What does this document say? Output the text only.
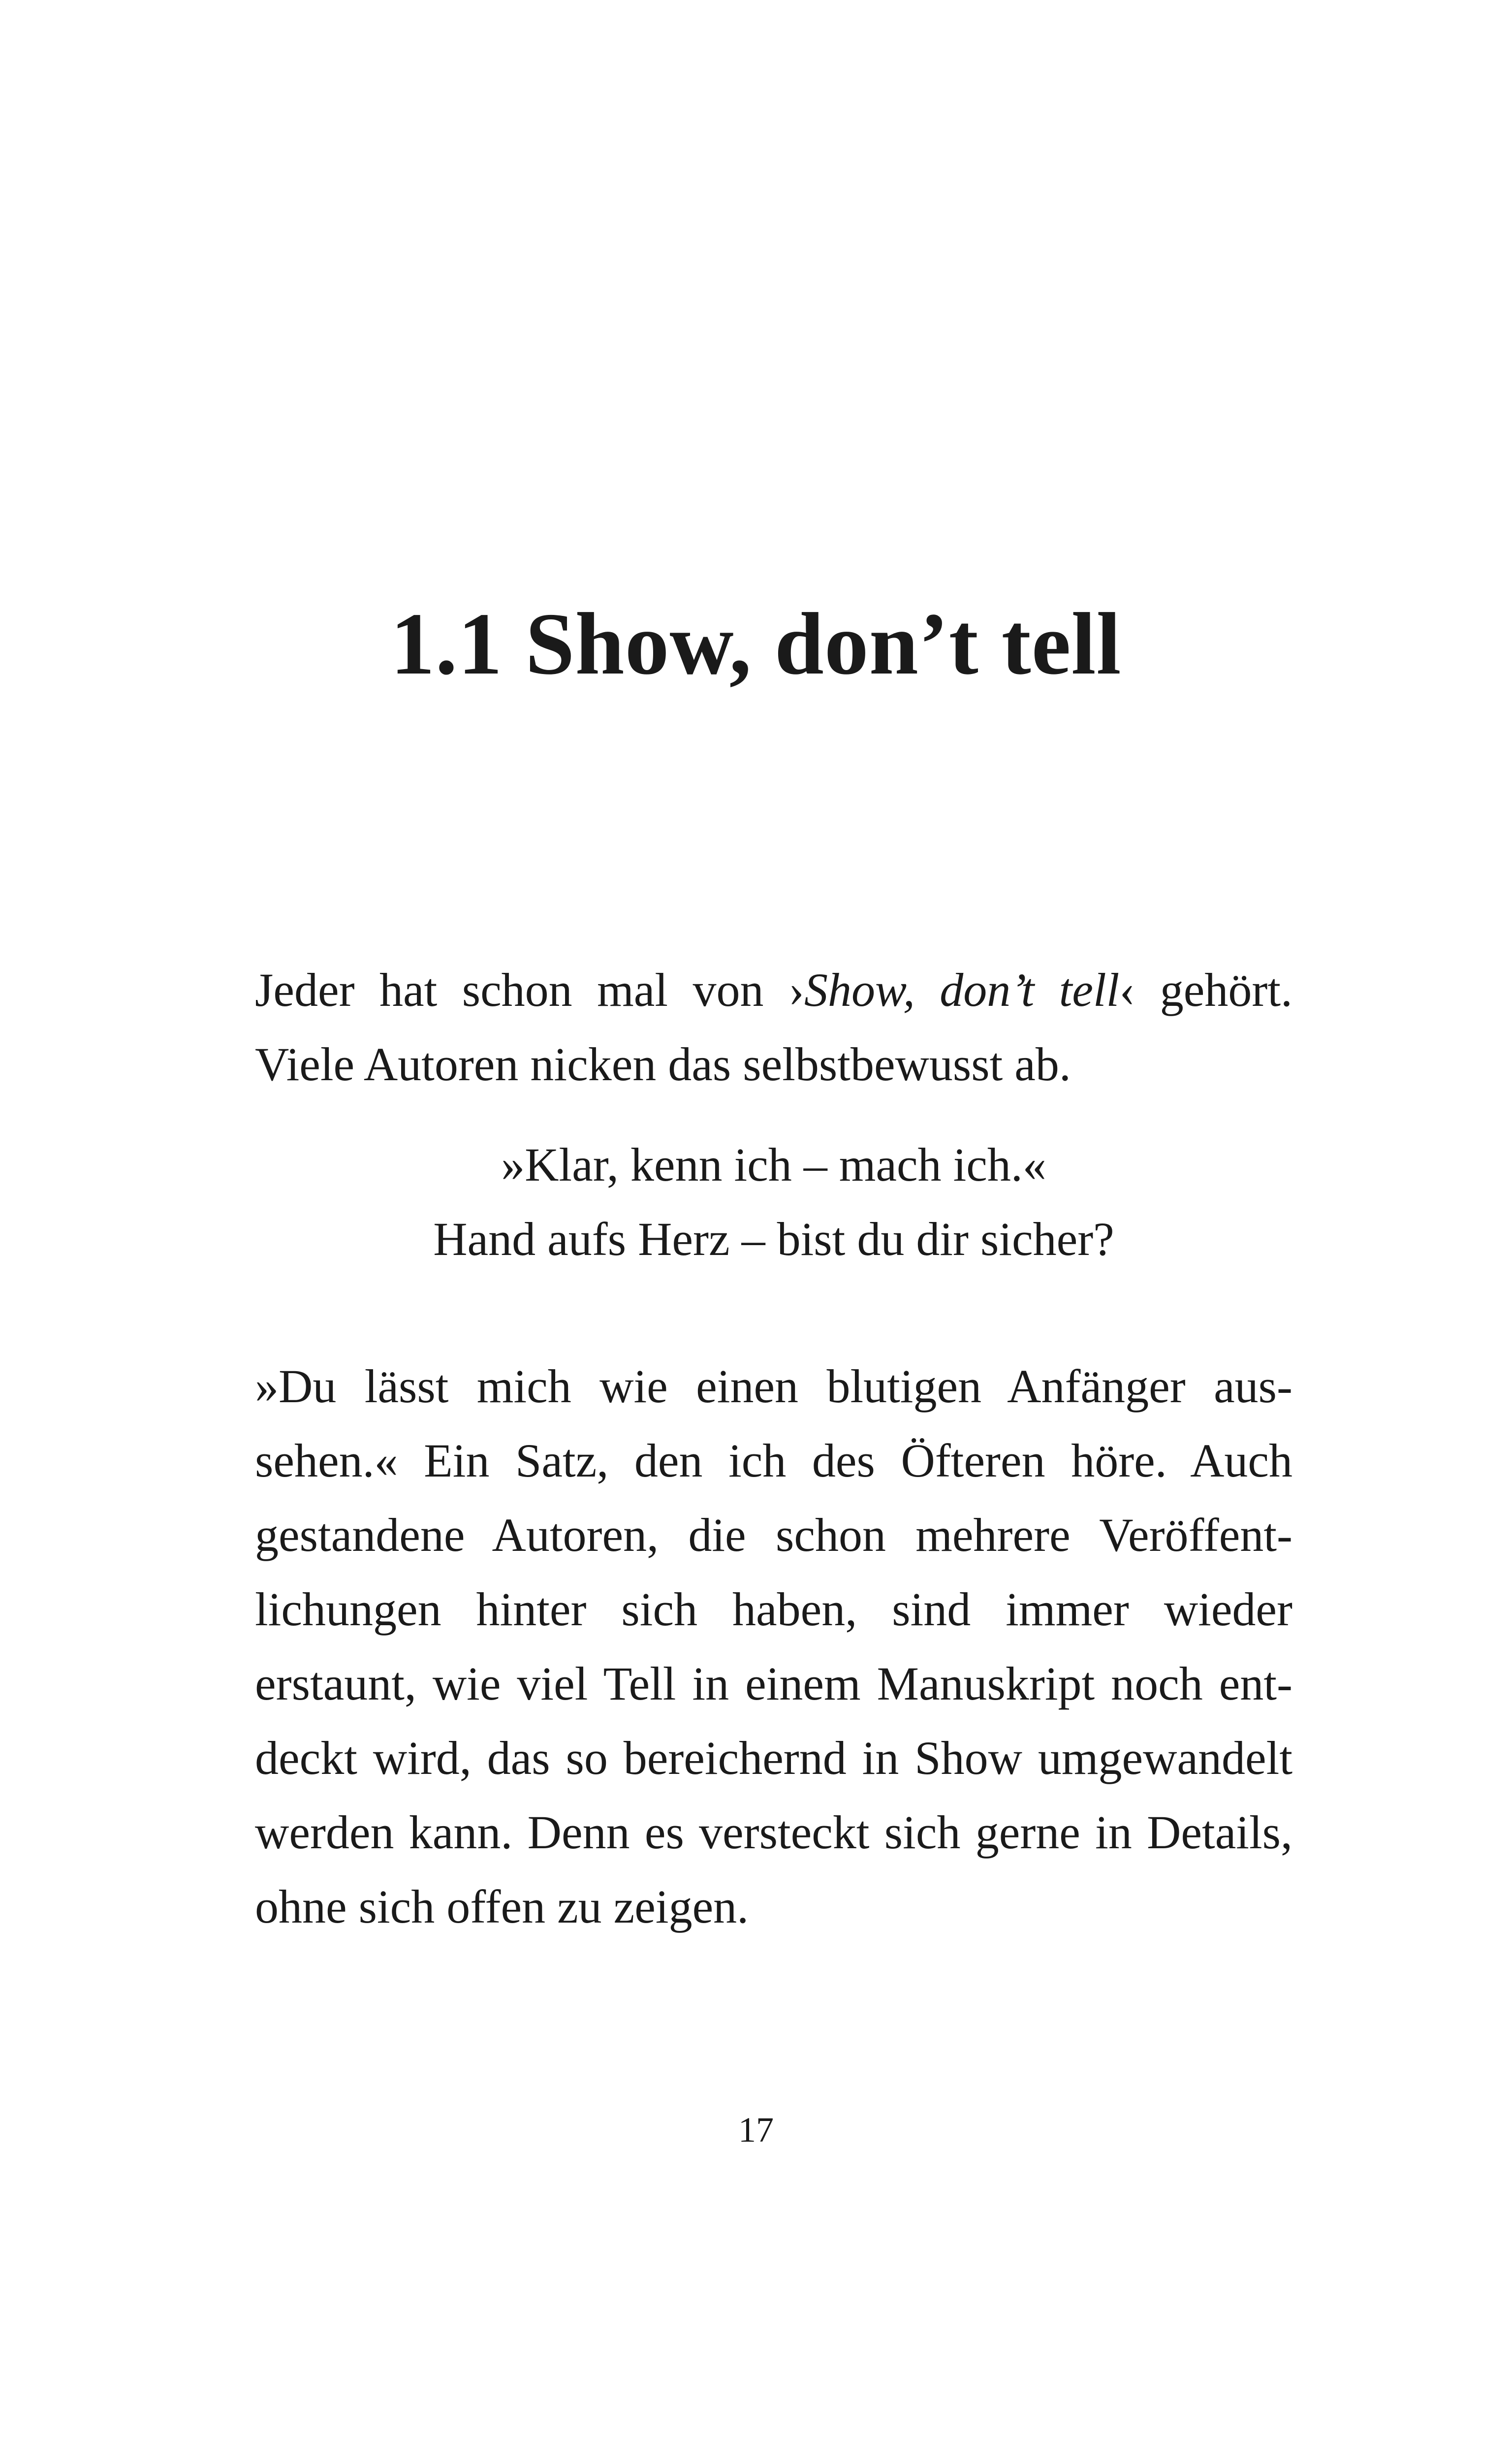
1.1 Show, don’t tell

Jeder hat schon mal von ›Show, don’t tell‹ gehört. Viele Autoren nicken das selbstbewusst ab.

»Klar, kenn ich – mach ich.«
Hand aufs Herz – bist du dir sicher?

»Du lässt mich wie einen blutigen Anfänger aussehen.« Ein Satz, den ich des Öfteren höre. Auch gestandene Autoren, die schon mehrere Veröffentlichungen hinter sich haben, sind immer wieder erstaunt, wie viel Tell in einem Manuskript noch entdeckt wird, das so bereichernd in Show umgewandelt werden kann. Denn es versteckt sich gerne in Details, ohne sich offen zu zeigen.

17
